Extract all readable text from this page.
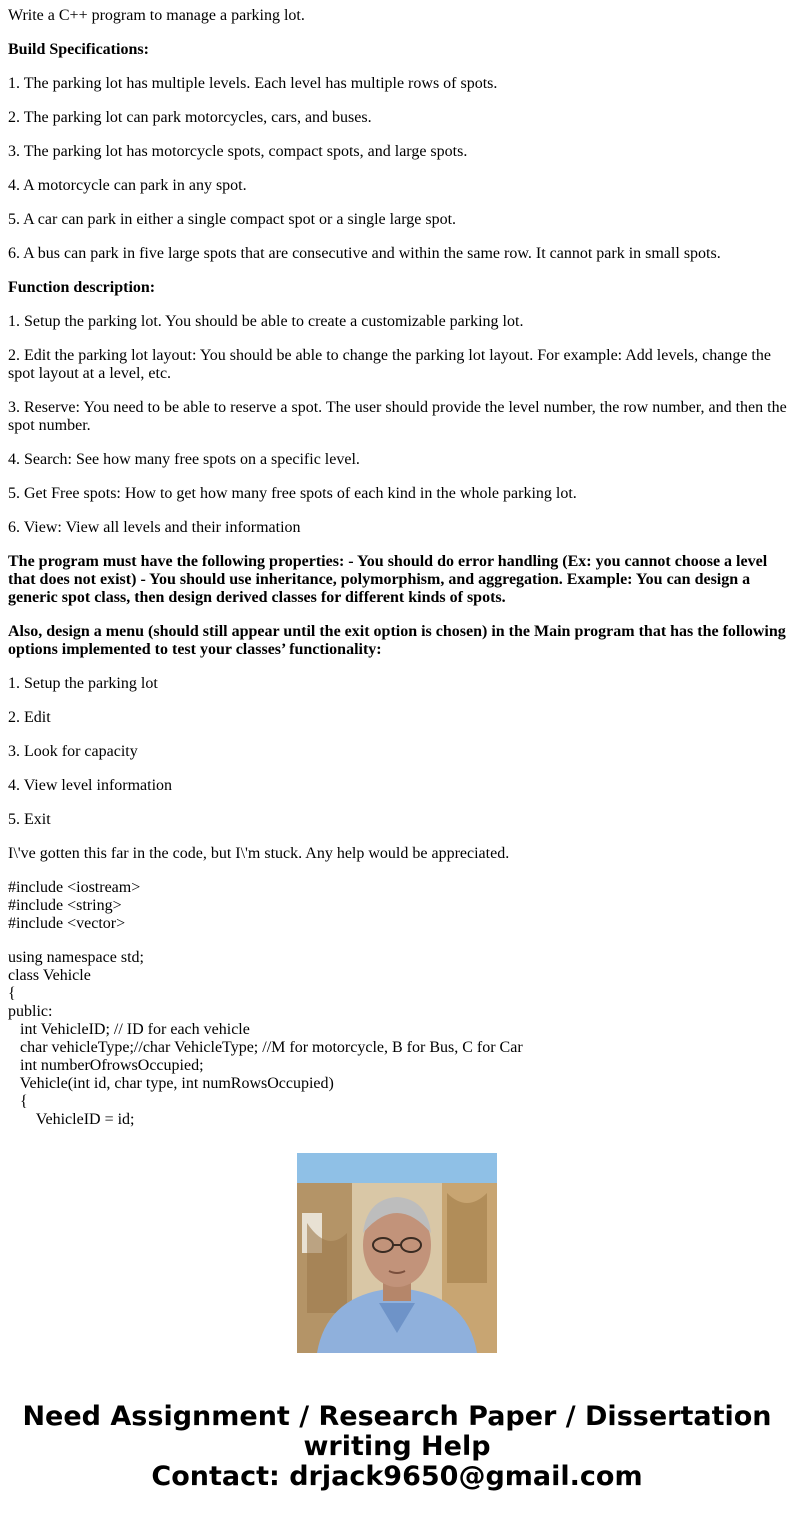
Write a C++ program to manage a parking lot.

Build Specifications:

1. The parking lot has multiple levels. Each level has multiple rows of spots.

2. The parking lot can park motorcycles, cars, and buses.

3. The parking lot has motorcycle spots, compact spots, and large spots.

4. A motorcycle can park in any spot.

5. A car can park in either a single compact spot or a single large spot.

6. A bus can park in five large spots that are consecutive and within the same row. It cannot park in small spots.

Function description:

1. Setup the parking lot. You should be able to create a customizable parking lot.

2. Edit the parking lot layout: You should be able to change the parking lot layout. For example: Add levels, change the spot layout at a level, etc.

3. Reserve: You need to be able to reserve a spot. The user should provide the level number, the row number, and then the spot number.

4. Search: See how many free spots on a specific level.

5. Get Free spots: How to get how many free spots of each kind in the whole parking lot.

6. View: View all levels and their information

The program must have the following properties: - You should do error handling (Ex: you cannot choose a level that does not exist) - You should use inheritance, polymorphism, and aggregation. Example: You can design a generic spot class, then design derived classes for different kinds of spots.

Also, design a menu (should still appear until the exit option is chosen) in the Main program that has the following options implemented to test your classes’ functionality:

1. Setup the parking lot

2. Edit

3. Look for capacity

4. View level information

5. Exit

I\'ve gotten this far in the code, but I\'m stuck. Any help would be appreciated.

#include <iostream>
#include <string>
#include <vector>

using namespace std;
class Vehicle
{
public:
int VehicleID; // ID for each vehicle
char vehicleType;//char VehicleType; //M for motorcycle, B for Bus, C for Car
int numberOfrowsOccupied;
Vehicle(int id, char type, int numRowsOccupied)
{
VehicleID = id;
Need Assignment / Research Paper / Dissertation
writing Help
Contact: drjack9650@gmail.com
